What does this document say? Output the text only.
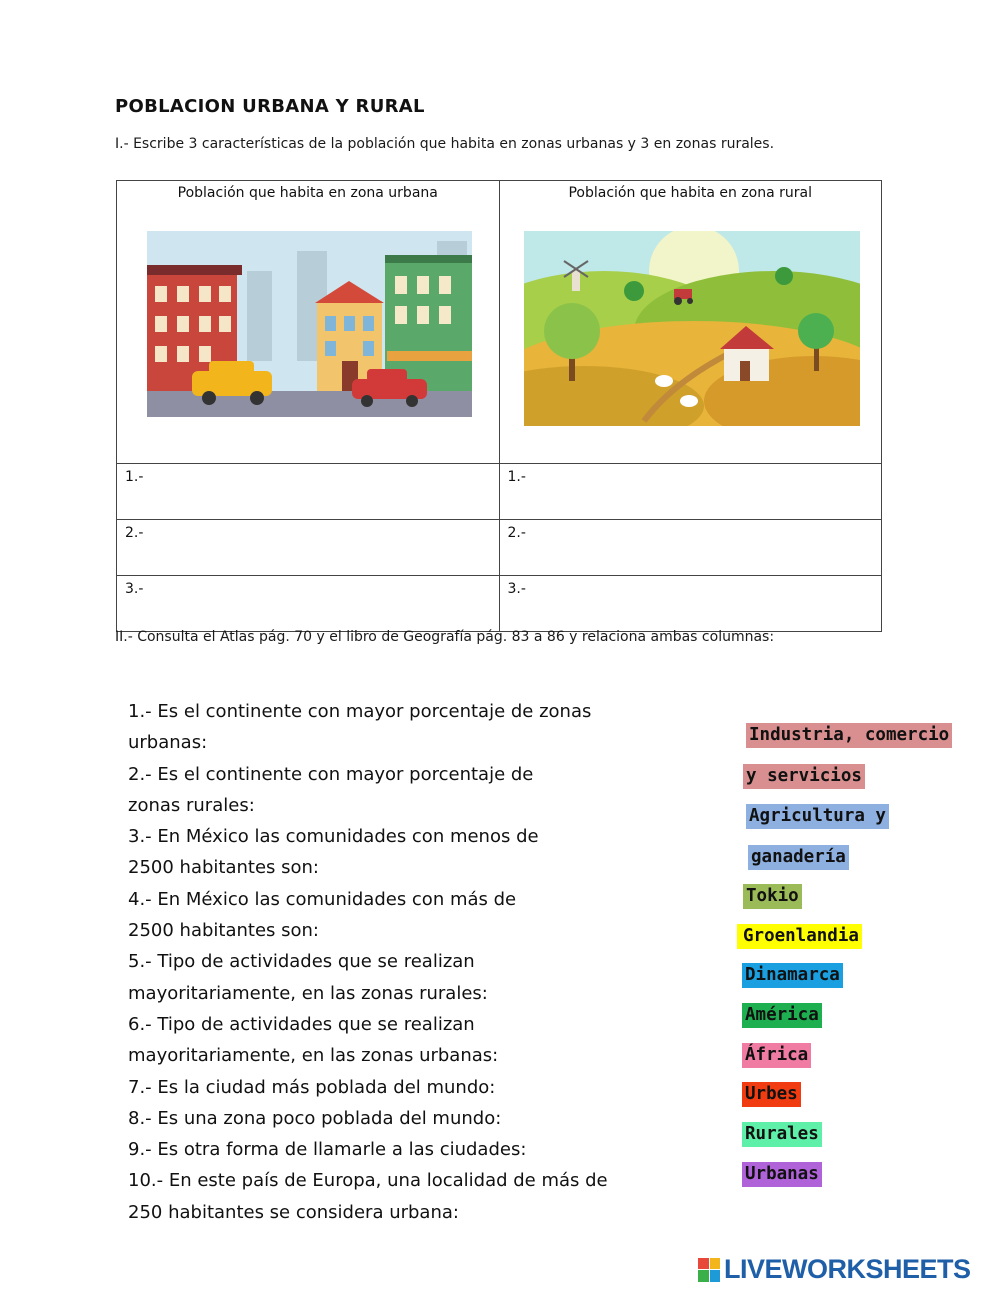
POBLACION URBANA Y RURAL
I.- Escribe 3 características de la población que habita en zonas urbanas y 3 en zonas rurales.
Población que habita en zona urbana	Población que habita en zona rural

1.-	1.-
2.-	2.-
3.-	3.-
II.- Consulta el Atlas pág. 70 y el libro de Geografía pág. 83 a 86 y relaciona ambas columnas:
1.- Es el continente con mayor porcentaje de zonas
urbanas:
2.- Es el continente con mayor porcentaje de
zonas rurales:
3.- En México las comunidades con menos de
2500 habitantes son:
4.- En México las comunidades con más de
2500 habitantes son:
5.- Tipo de actividades que se realizan
mayoritariamente, en las zonas rurales:
6.- Tipo de actividades que se realizan
mayoritariamente, en las zonas urbanas:
7.- Es la ciudad más poblada del mundo:
8.- Es una zona poco poblada del mundo:
9.- Es otra forma de llamarle a las ciudades:
10.- En este país de Europa, una localidad de más de
250 habitantes se considera urbana:
Industria, comercio
y servicios
Agricultura y
ganadería
Tokio
Groenlandia
Dinamarca
América
África
Urbes
Rurales
Urbanas
LIVEWORKSHEETS
